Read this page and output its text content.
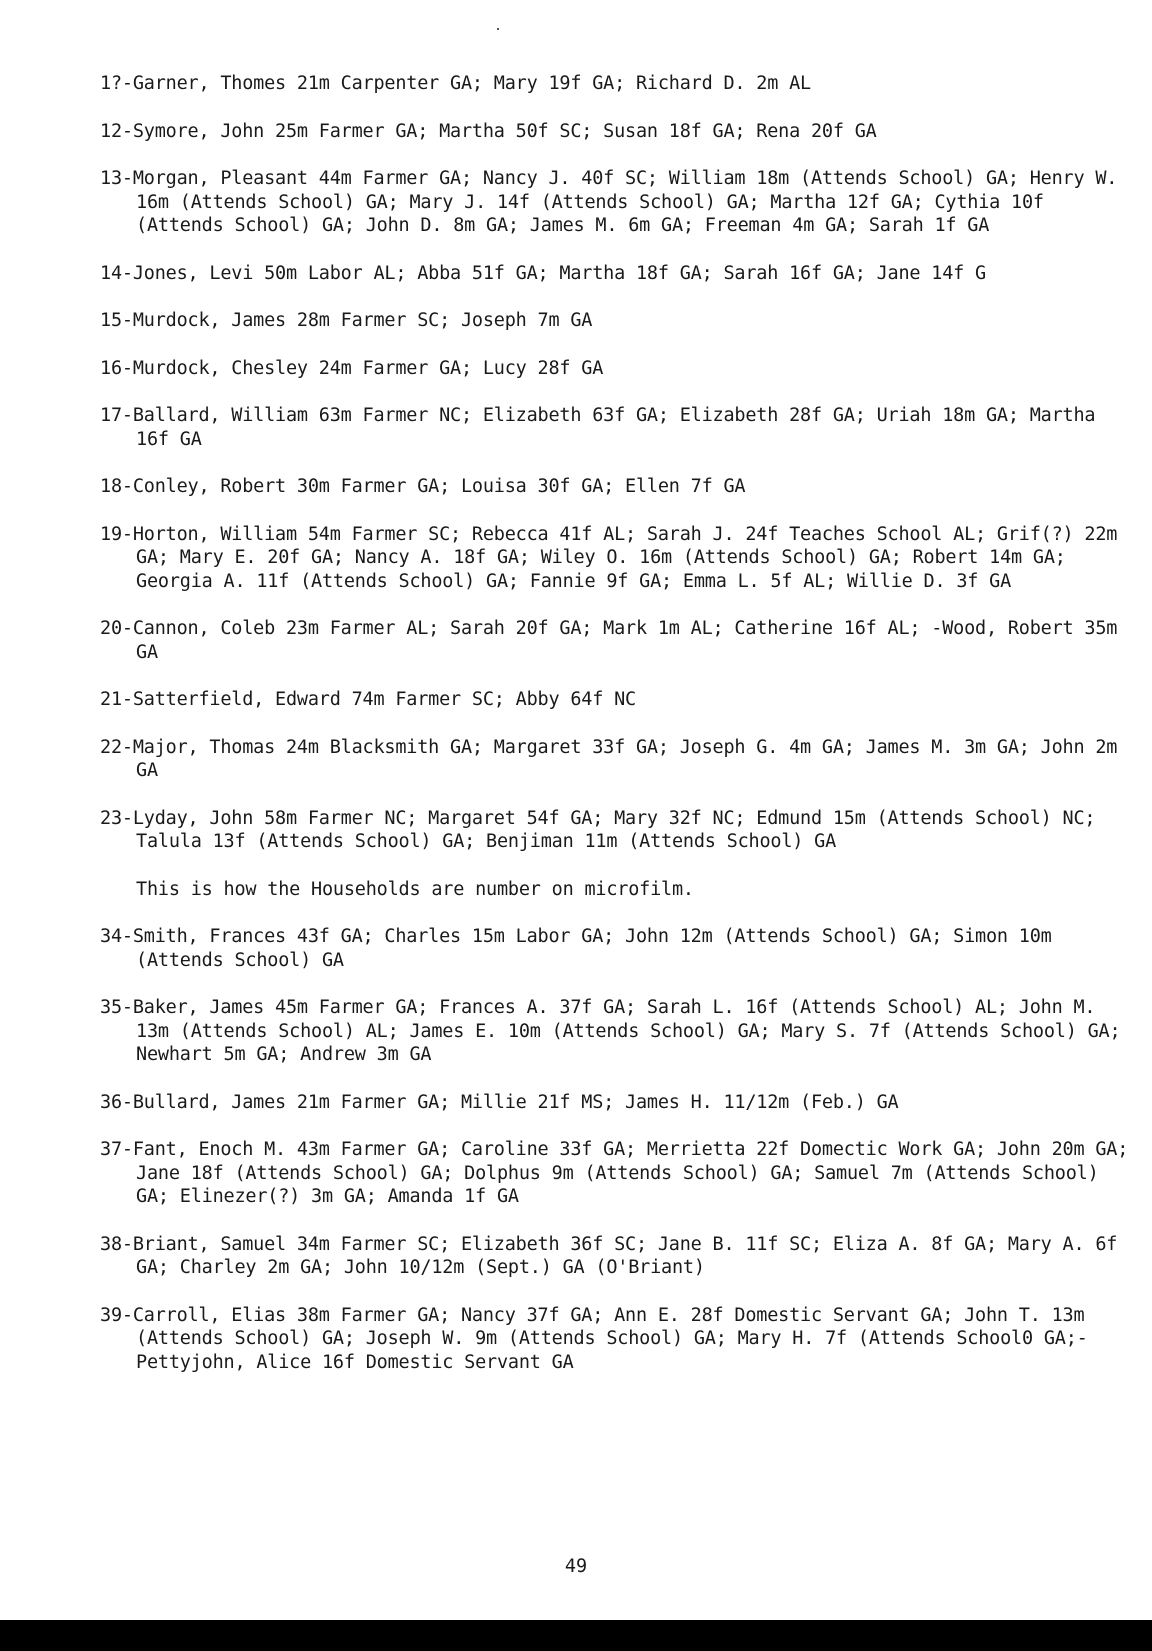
1?-Garner, Thomes 21m Carpenter GA; Mary 19f GA; Richard D. 2m AL

12-Symore, John 25m Farmer GA; Martha 50f SC; Susan 18f GA; Rena 20f GA

13-Morgan, Pleasant 44m Farmer GA; Nancy J. 40f SC; William 18m (Attends School) GA; Henry W. 16m (Attends School) GA; Mary J. 14f (Attends School) GA; Martha 12f GA; Cythia 10f (Attends School) GA; John D. 8m GA; James M. 6m GA; Freeman 4m GA; Sarah 1f GA

14-Jones, Levi 50m Labor AL; Abba 51f GA; Martha 18f GA; Sarah 16f GA; Jane 14f G

15-Murdock, James 28m Farmer SC; Joseph 7m GA

16-Murdock, Chesley 24m Farmer GA; Lucy 28f GA

17-Ballard, William 63m Farmer NC; Elizabeth 63f GA; Elizabeth 28f GA; Uriah 18m GA; Martha 16f GA

18-Conley, Robert 30m Farmer GA; Louisa 30f GA; Ellen 7f GA

19-Horton, William 54m Farmer SC; Rebecca 41f AL; Sarah J. 24f Teaches School AL; Grif(?) 22m GA; Mary E. 20f GA; Nancy A. 18f GA; Wiley O. 16m (Attends School) GA; Robert 14m GA; Georgia A. 11f (Attends School) GA; Fannie 9f GA; Emma L. 5f AL; Willie D. 3f GA

20-Cannon, Coleb 23m Farmer AL; Sarah 20f GA; Mark 1m AL; Catherine 16f AL; -Wood, Robert 35m GA

21-Satterfield, Edward 74m Farmer SC; Abby 64f NC

22-Major, Thomas 24m Blacksmith GA; Margaret 33f GA; Joseph G. 4m GA; James M. 3m GA; John 2m GA

23-Lyday, John 58m Farmer NC; Margaret 54f GA; Mary 32f NC; Edmund 15m (Attends School) NC; Talula 13f (Attends School) GA; Benjiman 11m (Attends School) GA

This is how the Households are number on microfilm.

34-Smith, Frances 43f GA; Charles 15m Labor GA; John 12m (Attends School) GA; Simon 10m (Attends School) GA

35-Baker, James 45m Farmer GA; Frances A. 37f GA; Sarah L. 16f (Attends School) AL; John M. 13m (Attends School) AL; James E. 10m (Attends School) GA; Mary S. 7f (Attends School) GA; Newhart 5m GA; Andrew 3m GA

36-Bullard, James 21m Farmer GA; Millie 21f MS; James H. 11/12m (Feb.) GA

37-Fant, Enoch M. 43m Farmer GA; Caroline 33f GA; Merrietta 22f Domectic Work GA; John 20m GA; Jane 18f (Attends School) GA; Dolphus 9m (Attends School) GA; Samuel 7m (Attends School) GA; Elinezer(?) 3m GA; Amanda 1f GA

38-Briant, Samuel 34m Farmer SC; Elizabeth 36f SC; Jane B. 11f SC; Eliza A. 8f GA; Mary A. 6f GA; Charley 2m GA; John 10/12m (Sept.) GA (O'Briant)

39-Carroll, Elias 38m Farmer GA; Nancy 37f GA; Ann E. 28f Domestic Servant GA; John T. 13m (Attends School) GA; Joseph W. 9m (Attends School) GA; Mary H. 7f (Attends School0 GA;-Pettyjohn, Alice 16f Domestic Servant GA

49
